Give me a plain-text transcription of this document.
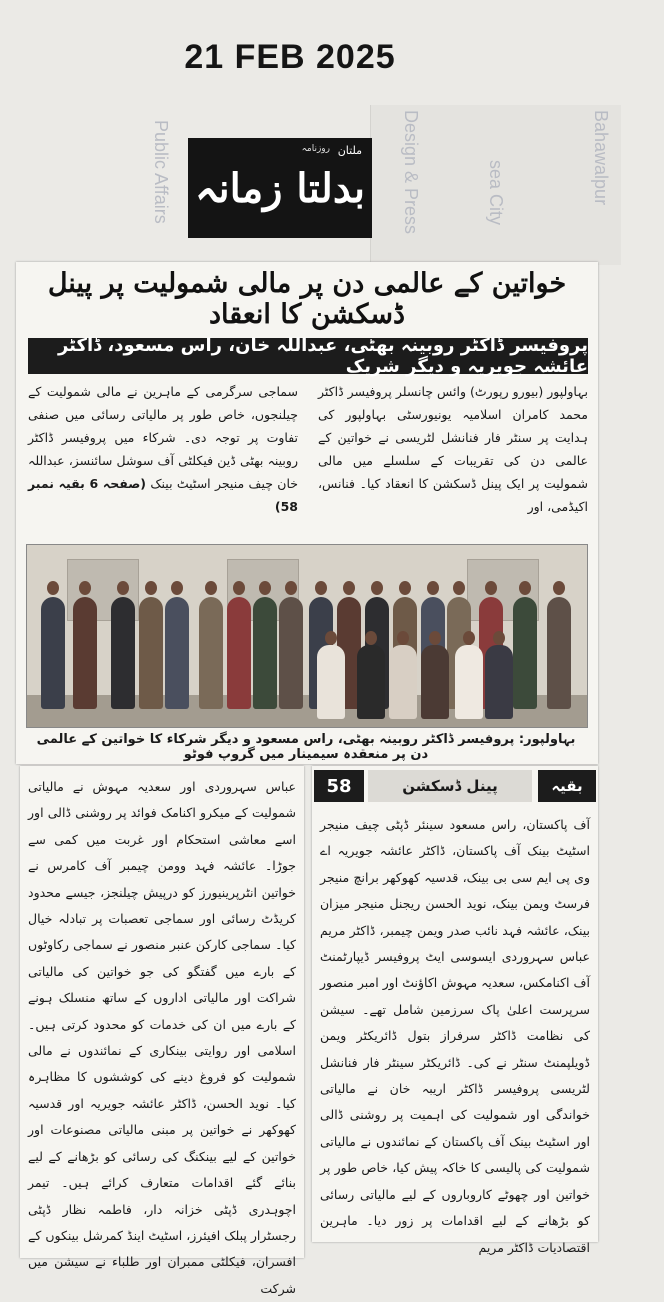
Public Affairs	Bahawalpur
Design & Press	sea City
21 FEB 2025
روزنامہ ملتان
بدلتا زمانہ
خواتین کے عالمی دن پر مالی شمولیت پر پینل ڈسکشن کا انعقاد
پروفیسر ڈاکٹر روبینہ بھٹی، عبداللہ خان، راس مسعود، ڈاکٹر عائشہ جویریہ و دیگر شریک
بہاولپور (بیورو رپورٹ) وائس چانسلر پروفیسر ڈاکٹر محمد کامران اسلامیہ یونیورسٹی بہاولپور کی ہدایت پر سنٹر فار فنانشل لٹریسی نے خواتین کے عالمی دن کی تقریبات کے سلسلے میں مالی شمولیت پر ایک پینل ڈسکشن کا انعقاد کیا۔ فنانس، اکیڈمی، اور
سماجی سرگرمی کے ماہرین نے مالی شمولیت کے چیلنجوں، خاص طور پر مالیاتی رسائی میں صنفی تفاوت پر توجہ دی۔ شرکاء میں پروفیسر ڈاکٹر روبینہ بھٹی ڈین فیکلٹی آف سوشل سائنسز، عبداللہ خان چیف منیجر اسٹیٹ بینک (صفحہ 6 بقیہ نمبر 58)
بہاولپور: پروفیسر ڈاکٹر روبینہ بھٹی، راس مسعود و دیگر شرکاء کا خواتین کے عالمی دن پر منعقدہ سیمینار میں گروپ فوٹو
عباس سہروردی اور سعدیہ مہوش نے مالیاتی شمولیت کے میکرو اکنامک فوائد پر روشنی ڈالی اور اسے معاشی استحکام اور غربت میں کمی سے جوڑا۔ عائشہ فہد وومن چیمبر آف کامرس نے خواتین انٹرپرینیورز کو درپیش چیلنجز، جیسے محدود کریڈٹ رسائی اور سماجی تعصبات پر تبادلہ خیال کیا۔ سماجی کارکن عنبر منصور نے سماجی رکاوٹوں کے بارے میں گفتگو کی جو خواتین کی مالیاتی شراکت اور مالیاتی اداروں کے ساتھ منسلک ہونے کے بارے میں ان کی خدمات کو محدود کرتی ہیں۔ اسلامی اور روایتی بینکاری کے نمائندوں نے مالی شمولیت کو فروغ دینے کی کوششوں کا مظاہرہ کیا۔ نوید الحسن، ڈاکٹر عائشہ جویریہ اور قدسیہ کھوکھر نے خواتین پر مبنی مالیاتی مصنوعات اور خواتین کے لیے بینکنگ کی رسائی کو بڑھانے کے لیے بنائے گئے اقدامات متعارف کرائے ہیں۔ تیمر اچوہدری ڈپٹی خزانہ دار، فاطمہ نظار ڈپٹی رجسٹرار پبلک افیئرز، اسٹیٹ اینڈ کمرشل بینکوں کے افسران، فیکلٹی ممبران اور طلباء نے سیشن میں شرکت
58	پینل ڈسکشن	بقیہ
آف پاکستان، راس مسعود سینئر ڈپٹی چیف منیجر اسٹیٹ بینک آف پاکستان، ڈاکٹر عائشہ جویریہ اے وی پی ایم سی بی بینک، قدسیہ کھوکھر برانچ منیجر فرسٹ ویمن بینک، نوید الحسن ریجنل منیجر میزان بینک، عائشہ فہد نائب صدر ویمن چیمبر، ڈاکٹر مریم عباس سہروردی ایسوسی ایٹ پروفیسر ڈیپارٹمنٹ آف اکنامکس، سعدیہ مہوش اکاؤنٹ اور امبر منصور سرپرست اعلیٰ پاک سرزمین شامل تھے۔ سیشن کی نظامت ڈاکٹر سرفراز بتول ڈائریکٹر ویمن ڈویلپمنٹ سنٹر نے کی۔ ڈائریکٹر سینٹر فار فنانشل لٹریسی پروفیسر ڈاکٹر اریبہ خان نے مالیاتی خواندگی اور شمولیت کی اہمیت پر روشنی ڈالی اور اسٹیٹ بینک آف پاکستان کے نمائندوں نے مالیاتی شمولیت کی پالیسی کا خاکہ پیش کیا، خاص طور پر خواتین اور چھوٹے کاروباروں کے لیے مالیاتی رسائی کو بڑھانے کے لیے اقدامات پر زور دیا۔ ماہرین اقتصادیات ڈاکٹر مریم
